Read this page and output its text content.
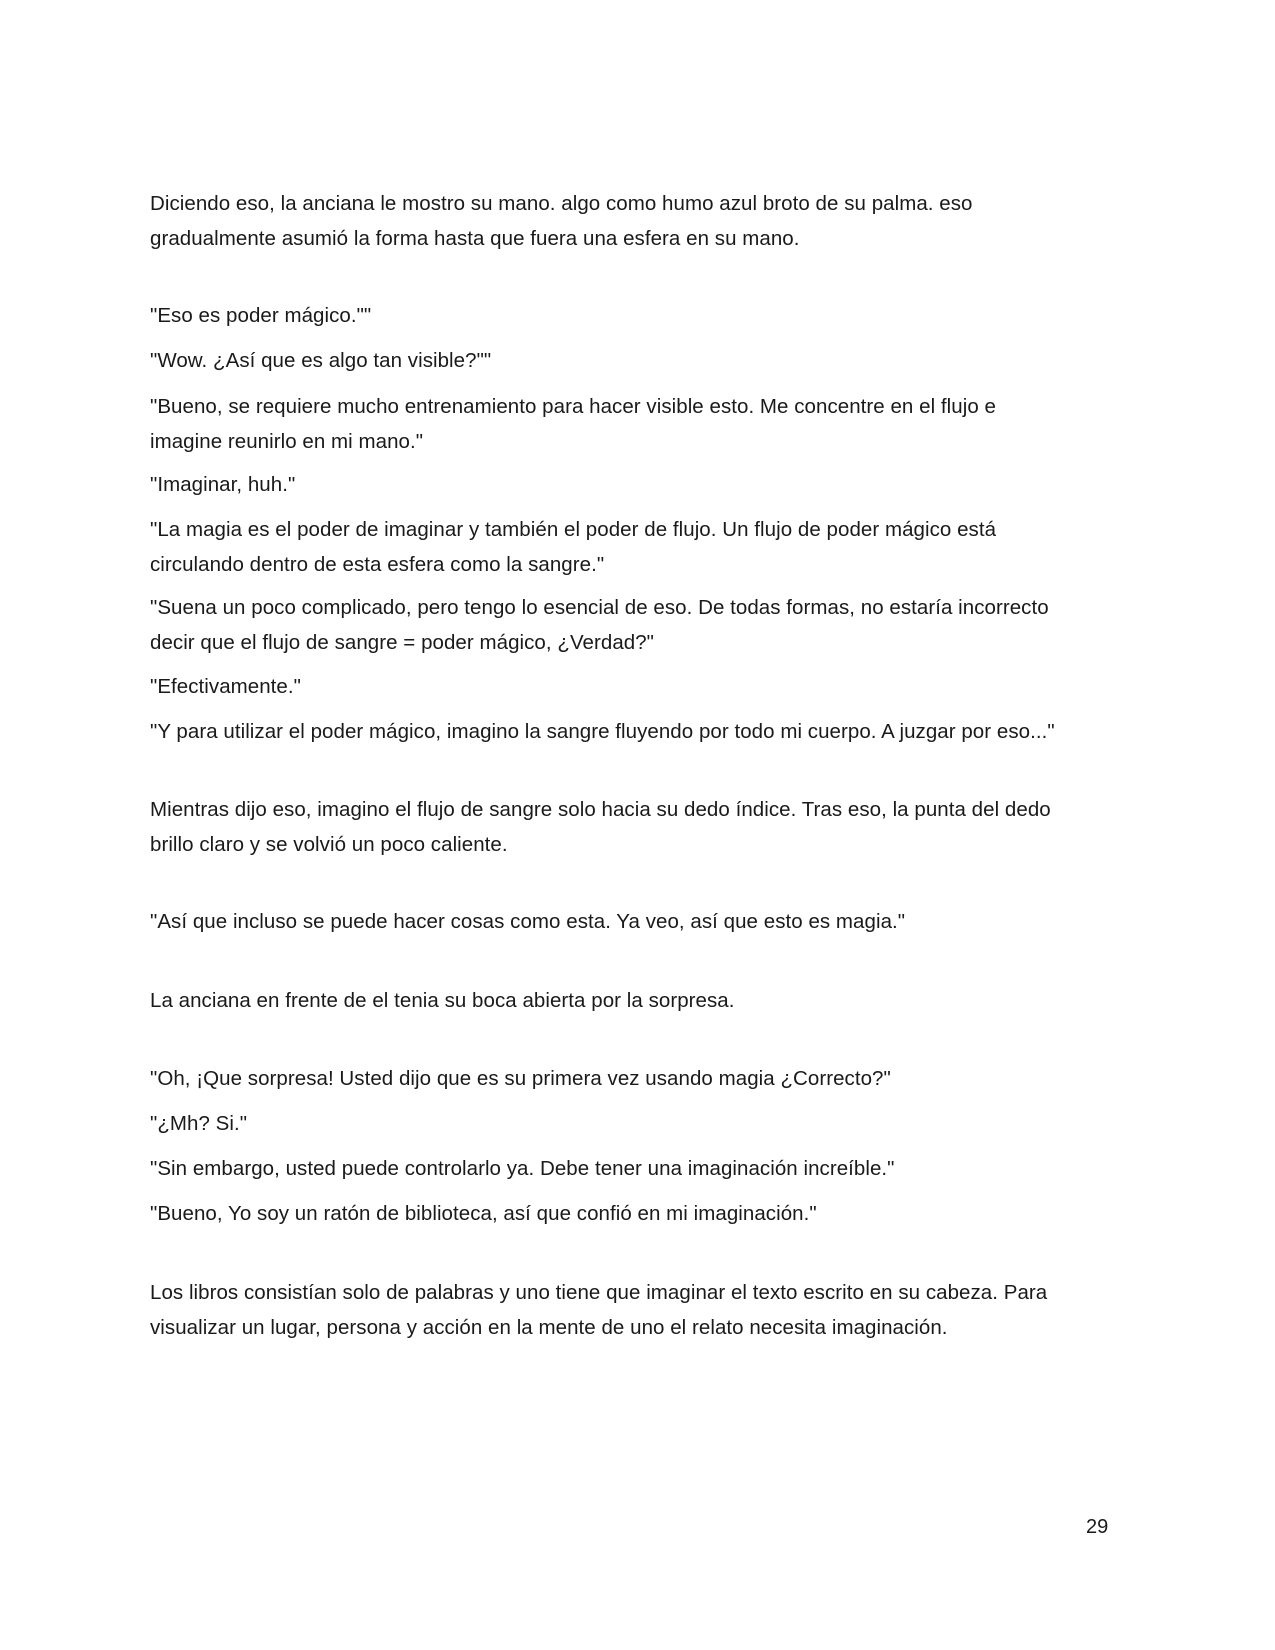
Diciendo eso, la anciana le mostro su mano. algo como humo azul broto de su palma. eso
gradualmente asumió la forma hasta que fuera una esfera en su mano.

"Eso es poder mágico.""

"Wow. ¿Así que es algo tan visible?""

"Bueno, se requiere mucho entrenamiento para hacer visible esto. Me concentre en el flujo e
imagine reunirlo en mi mano."

"Imaginar, huh."

"La magia es el poder de imaginar y también el poder de flujo. Un flujo de poder mágico está
circulando dentro de esta esfera como la sangre."

"Suena un poco complicado, pero tengo lo esencial de eso. De todas formas, no estaría incorrecto
decir que el flujo de sangre = poder mágico, ¿Verdad?"

"Efectivamente."

"Y para utilizar el poder mágico, imagino la sangre fluyendo por todo mi cuerpo. A juzgar por eso..."

Mientras dijo eso, imagino el flujo de sangre solo hacia su dedo índice. Tras eso, la punta del dedo
brillo claro y se volvió un poco caliente.

"Así que incluso se puede hacer cosas como esta. Ya veo, así que esto es magia."

La anciana en frente de el tenia su boca abierta por la sorpresa.

"Oh, ¡Que sorpresa! Usted dijo que es su primera vez usando magia ¿Correcto?"

"¿Mh? Si."

"Sin embargo, usted puede controlarlo ya. Debe tener una imaginación increíble."

"Bueno, Yo soy un ratón de biblioteca, así que confió en mi imaginación."

Los libros consistían solo de palabras y uno tiene que imaginar el texto escrito en su cabeza. Para
visualizar un lugar, persona y acción en la mente de uno el relato necesita imaginación.

29
